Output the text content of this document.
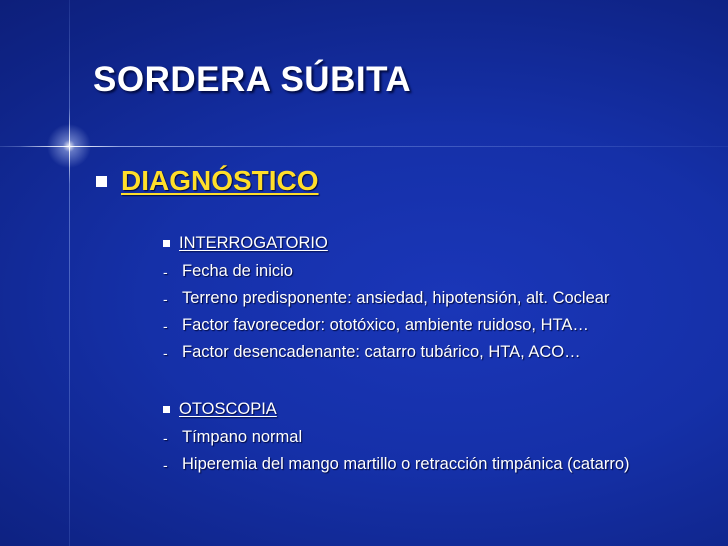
SORDERA SÚBITA
DIAGNÓSTICO
INTERROGATORIO
- Fecha de inicio
- Terreno predisponente: ansiedad, hipotensión, alt. Coclear
- Factor favorecedor: ototóxico, ambiente ruidoso, HTA…
- Factor desencadenante: catarro tubárico, HTA, ACO…
OTOSCOPIA
- Tímpano normal
- Hiperemia del mango martillo o retracción timpánica (catarro)
